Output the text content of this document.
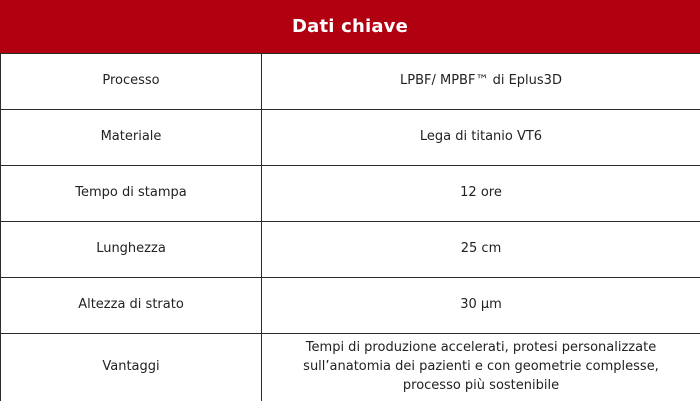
Dati chiave
Processo	LPBF/ MPBF™ di Eplus3D
Materiale	Lega di titanio VT6
Tempo di stampa	12 ore
Lunghezza	25 cm
Altezza di strato	30 μm
Vantaggi	Tempi di produzione accelerati, protesi personalizzate sull’anatomia dei pazienti e con geometrie complesse, processo più sostenibile
